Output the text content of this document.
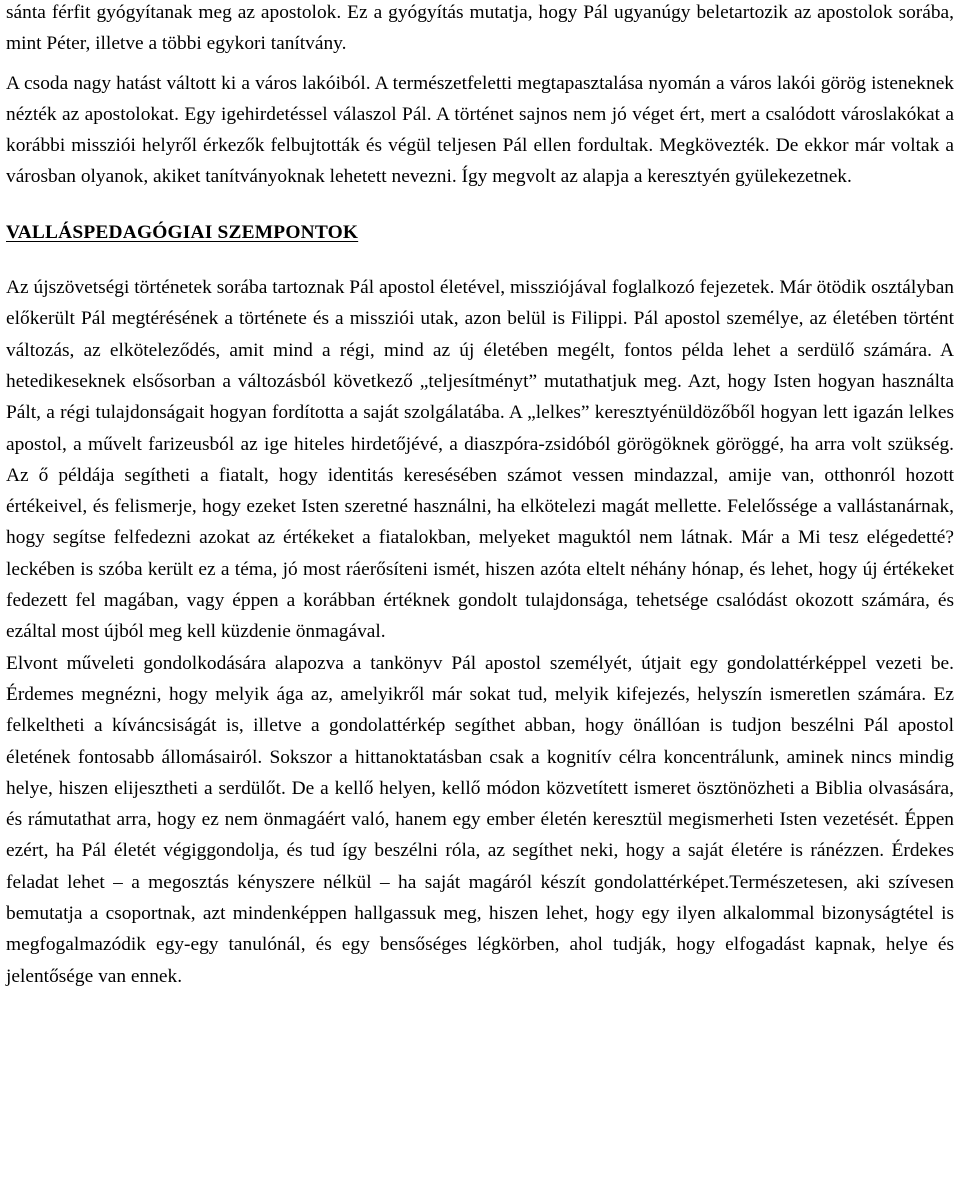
sánta férfit gyógyítanak meg az apostolok. Ez a gyógyítás mutatja, hogy Pál ugyanúgy beletartozik az apostolok sorába, mint Péter, illetve a többi egykori tanítvány.

A csoda nagy hatást váltott ki a város lakóiból. A természetfeletti megtapasztalása nyomán a város lakói görög isteneknek nézték az apostolokat. Egy igehirdetéssel válaszol Pál. A történet sajnos nem jó véget ért, mert a csalódott városlakókat a korábbi missziói helyről érkezők felbujtották és végül teljesen Pál ellen fordultak. Megkövezték. De ekkor már voltak a városban olyanok, akiket tanítványoknak lehetett nevezni. Így megvolt az alapja a keresztyén gyülekezetnek.

VALLÁSPEDAGÓGIAI SZEMPONTOK

Az újszövetségi történetek sorába tartoznak Pál apostol életével, missziójával foglalkozó fejezetek. Már ötödik osztályban előkerült Pál megtérésének a története és a missziói utak, azon belül is Filippi. Pál apostol személye, az életében történt változás, az elköteleződés, amit mind a régi, mind az új életében megélt, fontos példa lehet a serdülő számára. A hetedikeseknek elsősorban a változásból következő „teljesítményt” mutathatjuk meg. Azt, hogy Isten hogyan használta Pált, a régi tulajdonságait hogyan fordította a saját szolgálatába. A „lelkes” keresztyénüldözőből hogyan lett igazán lelkes apostol, a művelt farizeusból az ige hiteles hirdetőjévé, a diaszpóra-zsidóból görögöknek göröggé, ha arra volt szükség. Az ő példája segítheti a fiatalt, hogy identitás keresésében számot vessen mindazzal, amije van, otthonról hozott értékeivel, és felismerje, hogy ezeket Isten szeretné használni, ha elkötelezi magát mellette. Felelőssége a vallástanárnak, hogy segítse felfedezni azokat az értékeket a fiatalokban, melyeket maguktól nem látnak. Már a Mi tesz elégedetté? leckében is szóba került ez a téma, jó most ráerősíteni ismét, hiszen azóta eltelt néhány hónap, és lehet, hogy új értékeket fedezett fel magában, vagy éppen a korábban értéknek gondolt tulajdonsága, tehetsége csalódást okozott számára, és ezáltal most újból meg kell küzdenie önmagával.

Elvont műveleti gondolkodására alapozva a tankönyv Pál apostol személyét, útjait egy gondolattérképpel vezeti be. Érdemes megnézni, hogy melyik ága az, amelyikről már sokat tud, melyik kifejezés, helyszín ismeretlen számára. Ez felkeltheti a kíváncsiságát is, illetve a gondolattérkép segíthet abban, hogy önállóan is tudjon beszélni Pál apostol életének fontosabb állomásairól. Sokszor a hittanoktatásban csak a kognitív célra koncentrálunk, aminek nincs mindig helye, hiszen elijesztheti a serdülőt. De a kellő helyen, kellő módon közvetített ismeret ösztönözheti a Biblia olvasására, és rámutathat arra, hogy ez nem önmagáért való, hanem egy ember életén keresztül megismerheti Isten vezetését. Éppen ezért, ha Pál életét végiggondolja, és tud így beszélni róla, az segíthet neki, hogy a saját életére is ránézzen. Érdekes feladat lehet – a megosztás kényszere nélkül – ha saját magáról készít gondolattérképet.Természetesen, aki szívesen bemutatja a csoportnak, azt mindenképpen hallgassuk meg, hiszen lehet, hogy egy ilyen alkalommal bizonyságtétel is megfogalmazódik egy-egy tanulónál, és egy bensőséges légkörben, ahol tudják, hogy elfogadást kapnak, helye és jelentősége van ennek.
